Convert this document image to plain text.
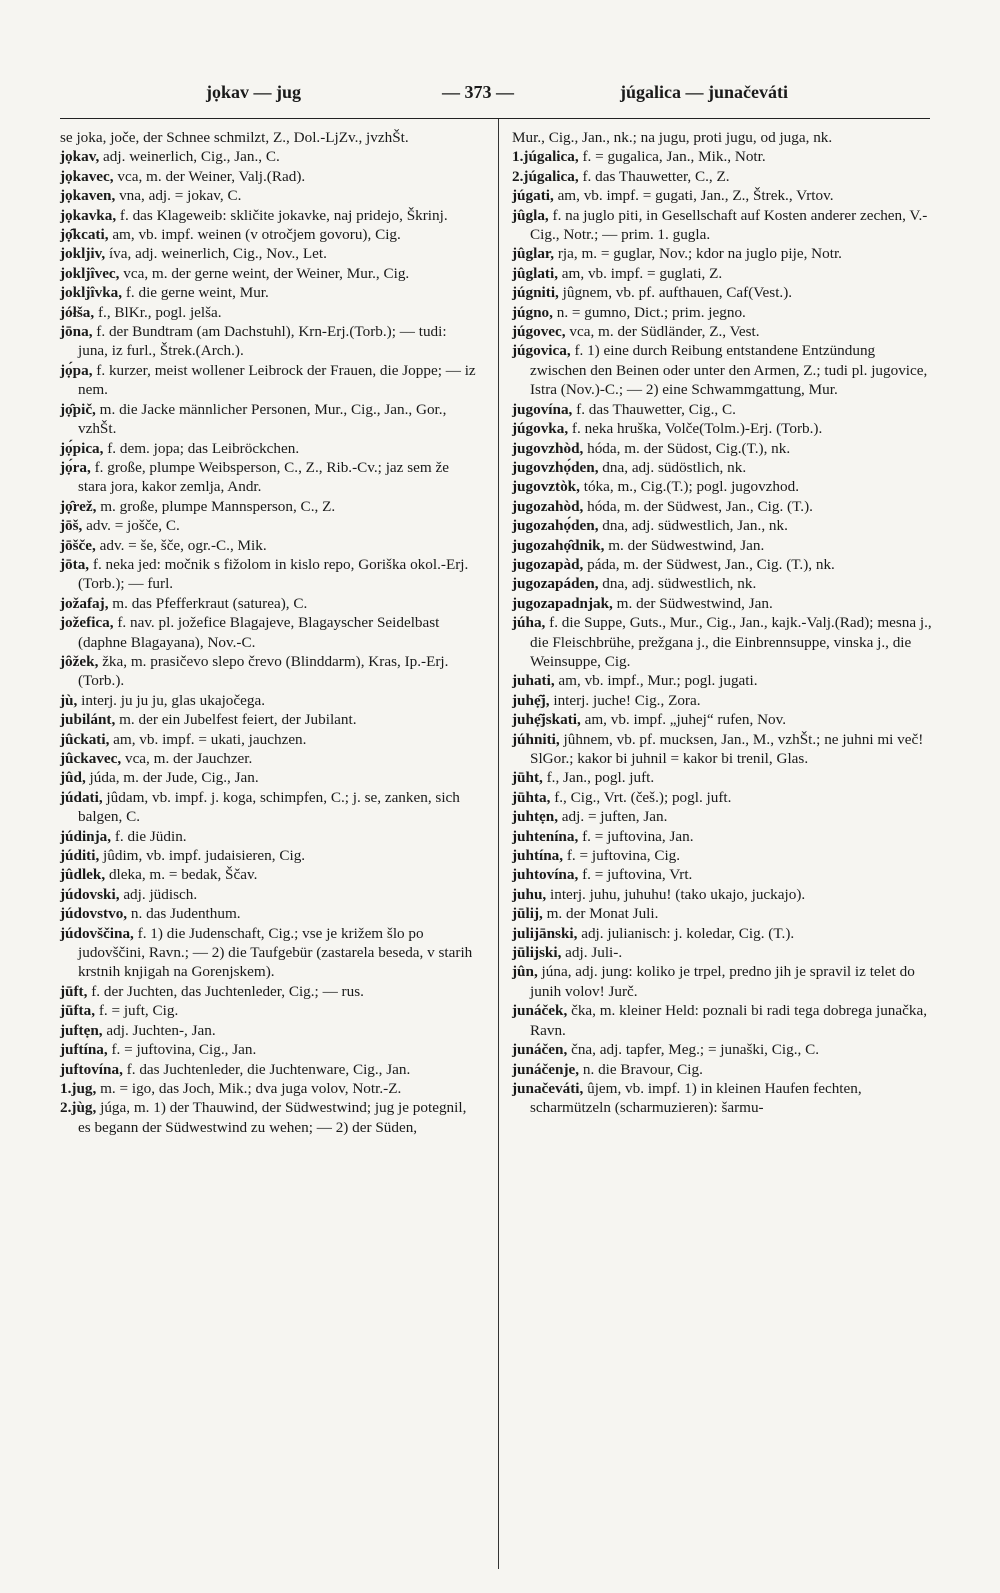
jọkav — jug	— 373 —	júgalica — junačeváti

se joka, joče, der Schnee schmilzt, Z., Dol.-LjZv., jvzhŠt.

jọkav, adj. weinerlich, Cig., Jan., C.

jọkavec, vca, m. der Weiner, Valj.(Rad).

jọkaven, vna, adj. = jokav, C.

jọkavka, f. das Klageweib: skličite jokavke, naj pridejo, Škrinj.

jọ̑kcati, am, vb. impf. weinen (v otročjem govoru), Cig.

jokljiv, íva, adj. weinerlich, Cig., Nov., Let.

jokljîvec, vca, m. der gerne weint, der Weiner, Mur., Cig.

jokljîvka, f. die gerne weint, Mur.

jółša, f., BlKr., pogl. jelša.

jōna, f. der Bundtram (am Dachstuhl), Krn-Erj.(Torb.); — tudi: juna, iz furl., Štrek.(Arch.).

jọ́pa, f. kurzer, meist wollener Leibrock der Frauen, die Joppe; — iz nem.

jọ̑pič, m. die Jacke männlicher Personen, Mur., Cig., Jan., Gor., vzhŠt.

jọ́pica, f. dem. jopa; das Leibröckchen.

jọ́ra, f. große, plumpe Weibsperson, C., Z., Rib.-Cv.; jaz sem že stara jora, kakor zemlja, Andr.

jọ̑rež, m. großе, plumpe Mannsperson, C., Z.

jōš, adv. = jošče, C.

jōšče, adv. = še, šče, ogr.-C., Mik.

jōta, f. neka jed: močnik s fižolom in kislo repo, Goriška okol.-Erj.(Torb.); — furl.

jožafaj, m. das Pfefferkraut (saturea), C.

jožefica, f. nav. pl. jožefice Blagajeve, Blagayscher Seidelbast (daphne Blagayana), Nov.-C.

jȏžek, žka, m. prasičevo slepo črevo (Blinddarm), Kras, Ip.-Erj.(Torb.).

jù, interj. ju ju ju, glas ukajočega.

jubilánt, m. der ein Jubelfest feiert, der Jubilant.

jûckati, am, vb. impf. = ukati, jauchzen.

jûckavec, vca, m. der Jauchzer.

jûd, júda, m. der Jude, Cig., Jan.

júdati, jûdam, vb. impf. j. koga, schimpfen, C.; j. se, zanken, sich balgen, C.

júdinja, f. die Jüdin.

júditi, jûdim, vb. impf. judaisieren, Cig.

jûdlek, dleka, m. = bedak, Ščav.

júdovski, adj. jüdisch.

júdovstvo, n. das Judenthum.

júdovščina, f. 1) die Judenschaft, Cig.; vse je križem šlo po judovščini, Ravn.; — 2) die Taufgebür (zastarela beseda, v starih krstnih knjigah na Gorenjskem).

jūft, f. der Juchten, das Juchtenleder, Cig.; — rus.

jūfta, f. = juft, Cig.

juftẹn, adj. Juchten-, Jan.

juftína, f. = juftovina, Cig., Jan.

juftovína, f. das Juchtenleder, die Juchtenware, Cig., Jan.

1.jug, m. = igo, das Joch, Mik.; dva juga volov, Notr.-Z.

2.jùg, júga, m. 1) der Thauwind, der Südwestwind; jug je potegnil, es begann der Südwestwind zu wehen; — 2) der Süden,

Mur., Cig., Jan., nk.; na jugu, proti jugu, od juga, nk.

1.júgalica, f. = gugalica, Jan., Mik., Notr.

2.júgalica, f. das Thauwetter, C., Z.

júgati, am, vb. impf. = gugati, Jan., Z., Štrek., Vrtov.

jûgla, f. na juglo piti, in Gesellschaft auf Kosten anderer zechen, V.-Cig., Notr.; — prim. 1. gugla.

jûglar, rja, m. = guglar, Nov.; kdor na juglo pije, Notr.

jûglati, am, vb. impf. = guglati, Z.

júgniti, jûgnem, vb. pf. aufthauen, Caf(Vest.).

júgno, n. = gumno, Dict.; prim. jegno.

júgovec, vca, m. der Südländer, Z., Vest.

júgovica, f. 1) eine durch Reibung entstandene Entzündung zwischen den Beinen oder unter den Armen, Z.; tudi pl. jugovice, Istra (Nov.)-C.; — 2) eine Schwammgattung, Mur.

jugovína, f. das Thauwetter, Cig., C.

júgovka, f. neka hruška, Volče(Tolm.)-Erj. (Torb.).

jugovzhòd, hóda, m. der Südost, Cig.(T.), nk.

jugovzhọ́den, dna, adj. südöstlich, nk.

jugovztòk, tóka, m., Cig.(T.); pogl. jugovzhod.

jugozahòd, hóda, m. der Südwest, Jan., Cig. (T.).

jugozahọ́den, dna, adj. südwestlich, Jan., nk.

jugozahọ̑dnik, m. der Südwestwind, Jan.

jugozapàd, páda, m. der Südwest, Jan., Cig. (T.), nk.

jugozapáden, dna, adj. südwestlich, nk.

jugozapadnjak, m. der Südwestwind, Jan.

júha, f. die Suppe, Guts., Mur., Cig., Jan., kajk.-Valj.(Rad); mesna j., die Fleischbrühe, prežgana j., die Einbrennsuppe, vinska j., die Weinsuppe, Cig.

juhati, am, vb. impf., Mur.; pogl. jugati.

juhẹ̑j, interj. juche! Cig., Zora.

juhẹ̑jskati, am, vb. impf. „juhej“ rufen, Nov.

júhniti, jûhnem, vb. pf. mucksen, Jan., M., vzhŠt.; ne juhni mi več! SlGor.; kakor bi juhnil = kakor bi trenil, Glas.

jūht, f., Jan., pogl. juft.

jūhta, f., Cig., Vrt. (češ.); pogl. juft.

juhtẹn, adj. = juften, Jan.

juhtenína, f. = juftovina, Jan.

juhtína, f. = juftovina, Cig.

juhtovína, f. = juftovina, Vrt.

juhu, interj. juhu, juhuhu! (tako ukajo, juckajo).

jūlij, m. der Monat Juli.

julijānski, adj. julianisch: j. koledar, Cig. (T.).

jūlijski, adj. Juli-.

jûn, júna, adj. jung: koliko je trpel, predno jih je spravil iz telet do junih volov! Jurč.

junáček, čka, m. kleiner Held: poznali bi radi tega dobrega junačka, Ravn.

junáčen, čna, adj. tapfer, Meg.; = junaški, Cig., C.

junáčenje, n. die Bravour, Cig.

junačeváti, ûjem, vb. impf. 1) in kleinen Haufen fechten, scharmützeln (scharmuzieren): šarmu-
